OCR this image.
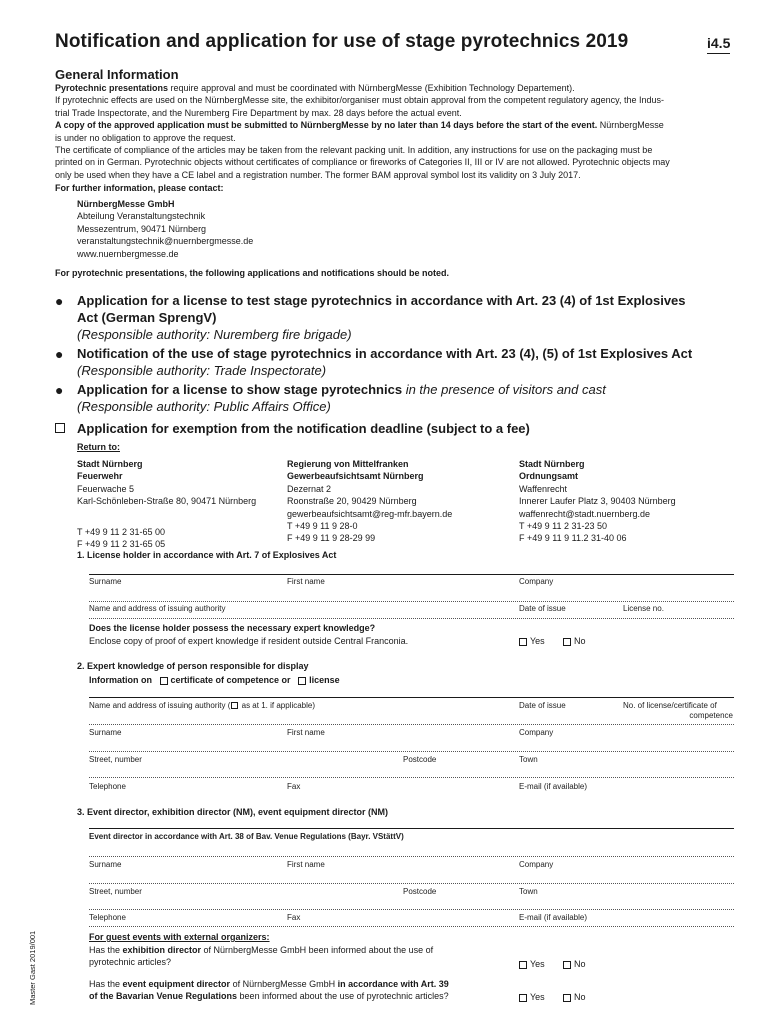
Notification and application for use of stage pyrotechnics 2019	i4.5
General Information
Pyrotechnic presentations require approval and must be coordinated with NürnbergMesse (Exhibition Technology Departement).
If pyrotechnic effects are used on the NürnbergMesse site, the exhibitor/organiser must obtain approval from the competent regulatory agency, the Indus-
trial Trade Inspectorate, and the Nuremberg Fire Department by max. 28 days before the actual event.
A copy of the approved application must be submitted to NürnbergMesse by no later than 14 days before the start of the event. NürnbergMesse
is under no obligation to approve the request.
The certificate of compliance of the articles may be taken from the relevant packing unit. In addition, any instructions for use on the packaging must be
printed on in German. Pyrotechnic objects without certificates of compliance or fireworks of Categories II, III or IV are not allowed. Pyrotechnic objects may
only be used when they have a CE label and a registration number. The former BAM approval symbol lost its validity on 3 July 2017.
For further information, please contact:
NürnbergMesse GmbH
Abteilung Veranstaltungstechnik
Messezentrum, 90471 Nürnberg
veranstaltungstechnik@nuernbergmesse.de
www.nuernbergmesse.de
For pyrotechnic presentations, the following applications and notifications should be noted.
● Application for a license to test stage pyrotechnics in accordance with Art. 23 (4) of 1st Explosives
Act (German SprengV)
(Responsible authority: Nuremberg fire brigade)
● Notification of the use of stage pyrotechnics in accordance with Art. 23 (4), (5) of 1st Explosives Act
(Responsible authority: Trade Inspectorate)
● Application for a license to show stage pyrotechnics in the presence of visitors and cast
(Responsible authority: Public Affairs Office)
Application for exemption from the notification deadline (subject to a fee)
Return to:
Stadt Nürnberg
Feuerwehr
Feuerwache 5
Karl-Schönleben-Straße 80, 90471 Nürnberg

T +49 9 11 2 31-65 00
F +49 9 11 2 31-65 05
Regierung von Mittelfranken
Gewerbeaufsichtsamt Nürnberg
Dezernat 2
Roonstraße 20, 90429 Nürnberg
gewerbeaufsichtsamt@reg-mfr.bayern.de
T +49 9 11 9 28-0
F +49 9 11 9 28-29 99
Stadt Nürnberg
Ordnungsamt
Waffenrecht
Innerer Laufer Platz 3, 90403 Nürnberg
waffenrecht@stadt.nuernberg.de
T +49 9 11 2 31-23 50
F +49 9 11 9 11.2 31-40 06
1. License holder in accordance with Art. 7 of Explosives Act
Surname	First name	Company
Name and address of issuing authority	Date of issue	License no.
Does the license holder possess the necessary expert knowledge?
Enclose copy of proof of expert knowledge if resident outside Central Franconia.	Yes	No
2. Expert knowledge of person responsible for display
Information on certificate of competence or license
Name and address of issuing authority ( as at 1. if applicable)	Date of issue	No. of license/certificate of
competence
Surname	First name	Company
Street, number	Postcode	Town
Telephone	Fax	E-mail (if available)
3. Event director, exhibition director (NM), event equipment director (NM)
Event director in accordance with Art. 38 of Bav. Venue Regulations (Bayr. VStättV)
Surname	First name	Company
Street, number	Postcode	Town
Telephone	Fax	E-mail (if available)
For guest events with external organizers:
Has the exhibition director of NürnbergMesse GmbH been informed about the use of
pyrotechnic articles?	Yes	No
Has the event equipment director of NürnbergMesse GmbH in accordance with Art. 39
of the Bavarian Venue Regulations been informed about the use of pyrotechnic articles?	Yes	No
Master Gast 2019/001
